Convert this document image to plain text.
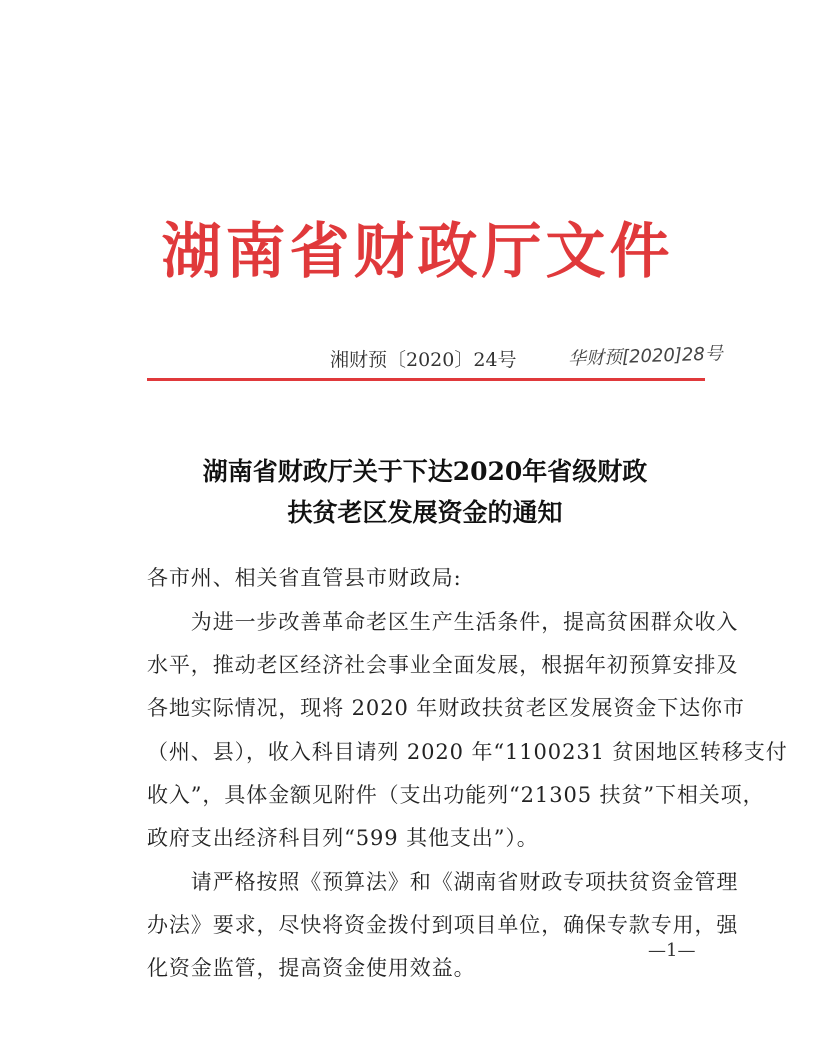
湖南省财政厅文件
湘财预〔2020〕24号	华财预[2020]28号
湖南省财政厅关于下达2020年省级财政
扶贫老区发展资金的通知
各市州、相关省直管县市财政局:
　　为进一步改善革命老区生产生活条件，提高贫困群众收入
水平，推动老区经济社会事业全面发展，根据年初预算安排及
各地实际情况，现将 2020 年财政扶贫老区发展资金下达你市
（州、县），收入科目请列 2020 年“1100231 贫困地区转移支付
收入”，具体金额见附件（支出功能列“21305 扶贫”下相关项，
政府支出经济科目列“599 其他支出”）。
　　请严格按照《预算法》和《湖南省财政专项扶贫资金管理
办法》要求，尽快将资金拨付到项目单位，确保专款专用，强
化资金监管，提高资金使用效益。
—1—
